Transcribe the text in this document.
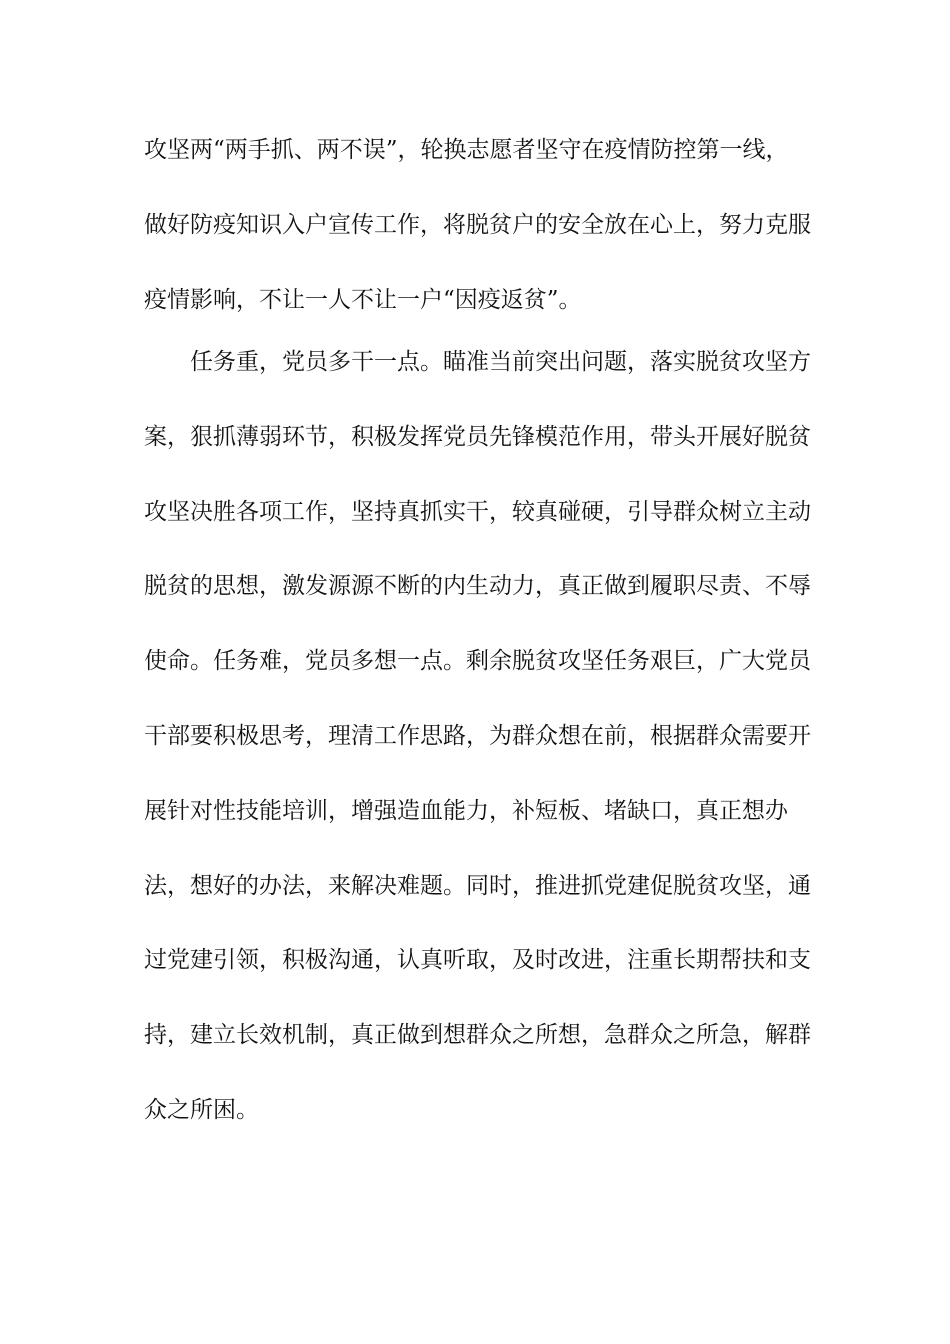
攻坚两“两手抓、两不误”，轮换志愿者坚守在疫情防控第一线，
做好防疫知识入户宣传工作，将脱贫户的安全放在心上，努力克服
疫情影响，不让一人不让一户“因疫返贫”。
任务重，党员多干一点。瞄准当前突出问题，落实脱贫攻坚方
案，狠抓薄弱环节，积极发挥党员先锋模范作用，带头开展好脱贫
攻坚决胜各项工作，坚持真抓实干，较真碰硬，引导群众树立主动
脱贫的思想，激发源源不断的内生动力，真正做到履职尽责、不辱
使命。任务难，党员多想一点。剩余脱贫攻坚任务艰巨，广大党员
干部要积极思考，理清工作思路，为群众想在前，根据群众需要开
展针对性技能培训，增强造血能力，补短板、堵缺口，真正想办
法，想好的办法，来解决难题。同时，推进抓党建促脱贫攻坚，通
过党建引领，积极沟通，认真听取，及时改进，注重长期帮扶和支
持，建立长效机制，真正做到想群众之所想，急群众之所急，解群
众之所困。
